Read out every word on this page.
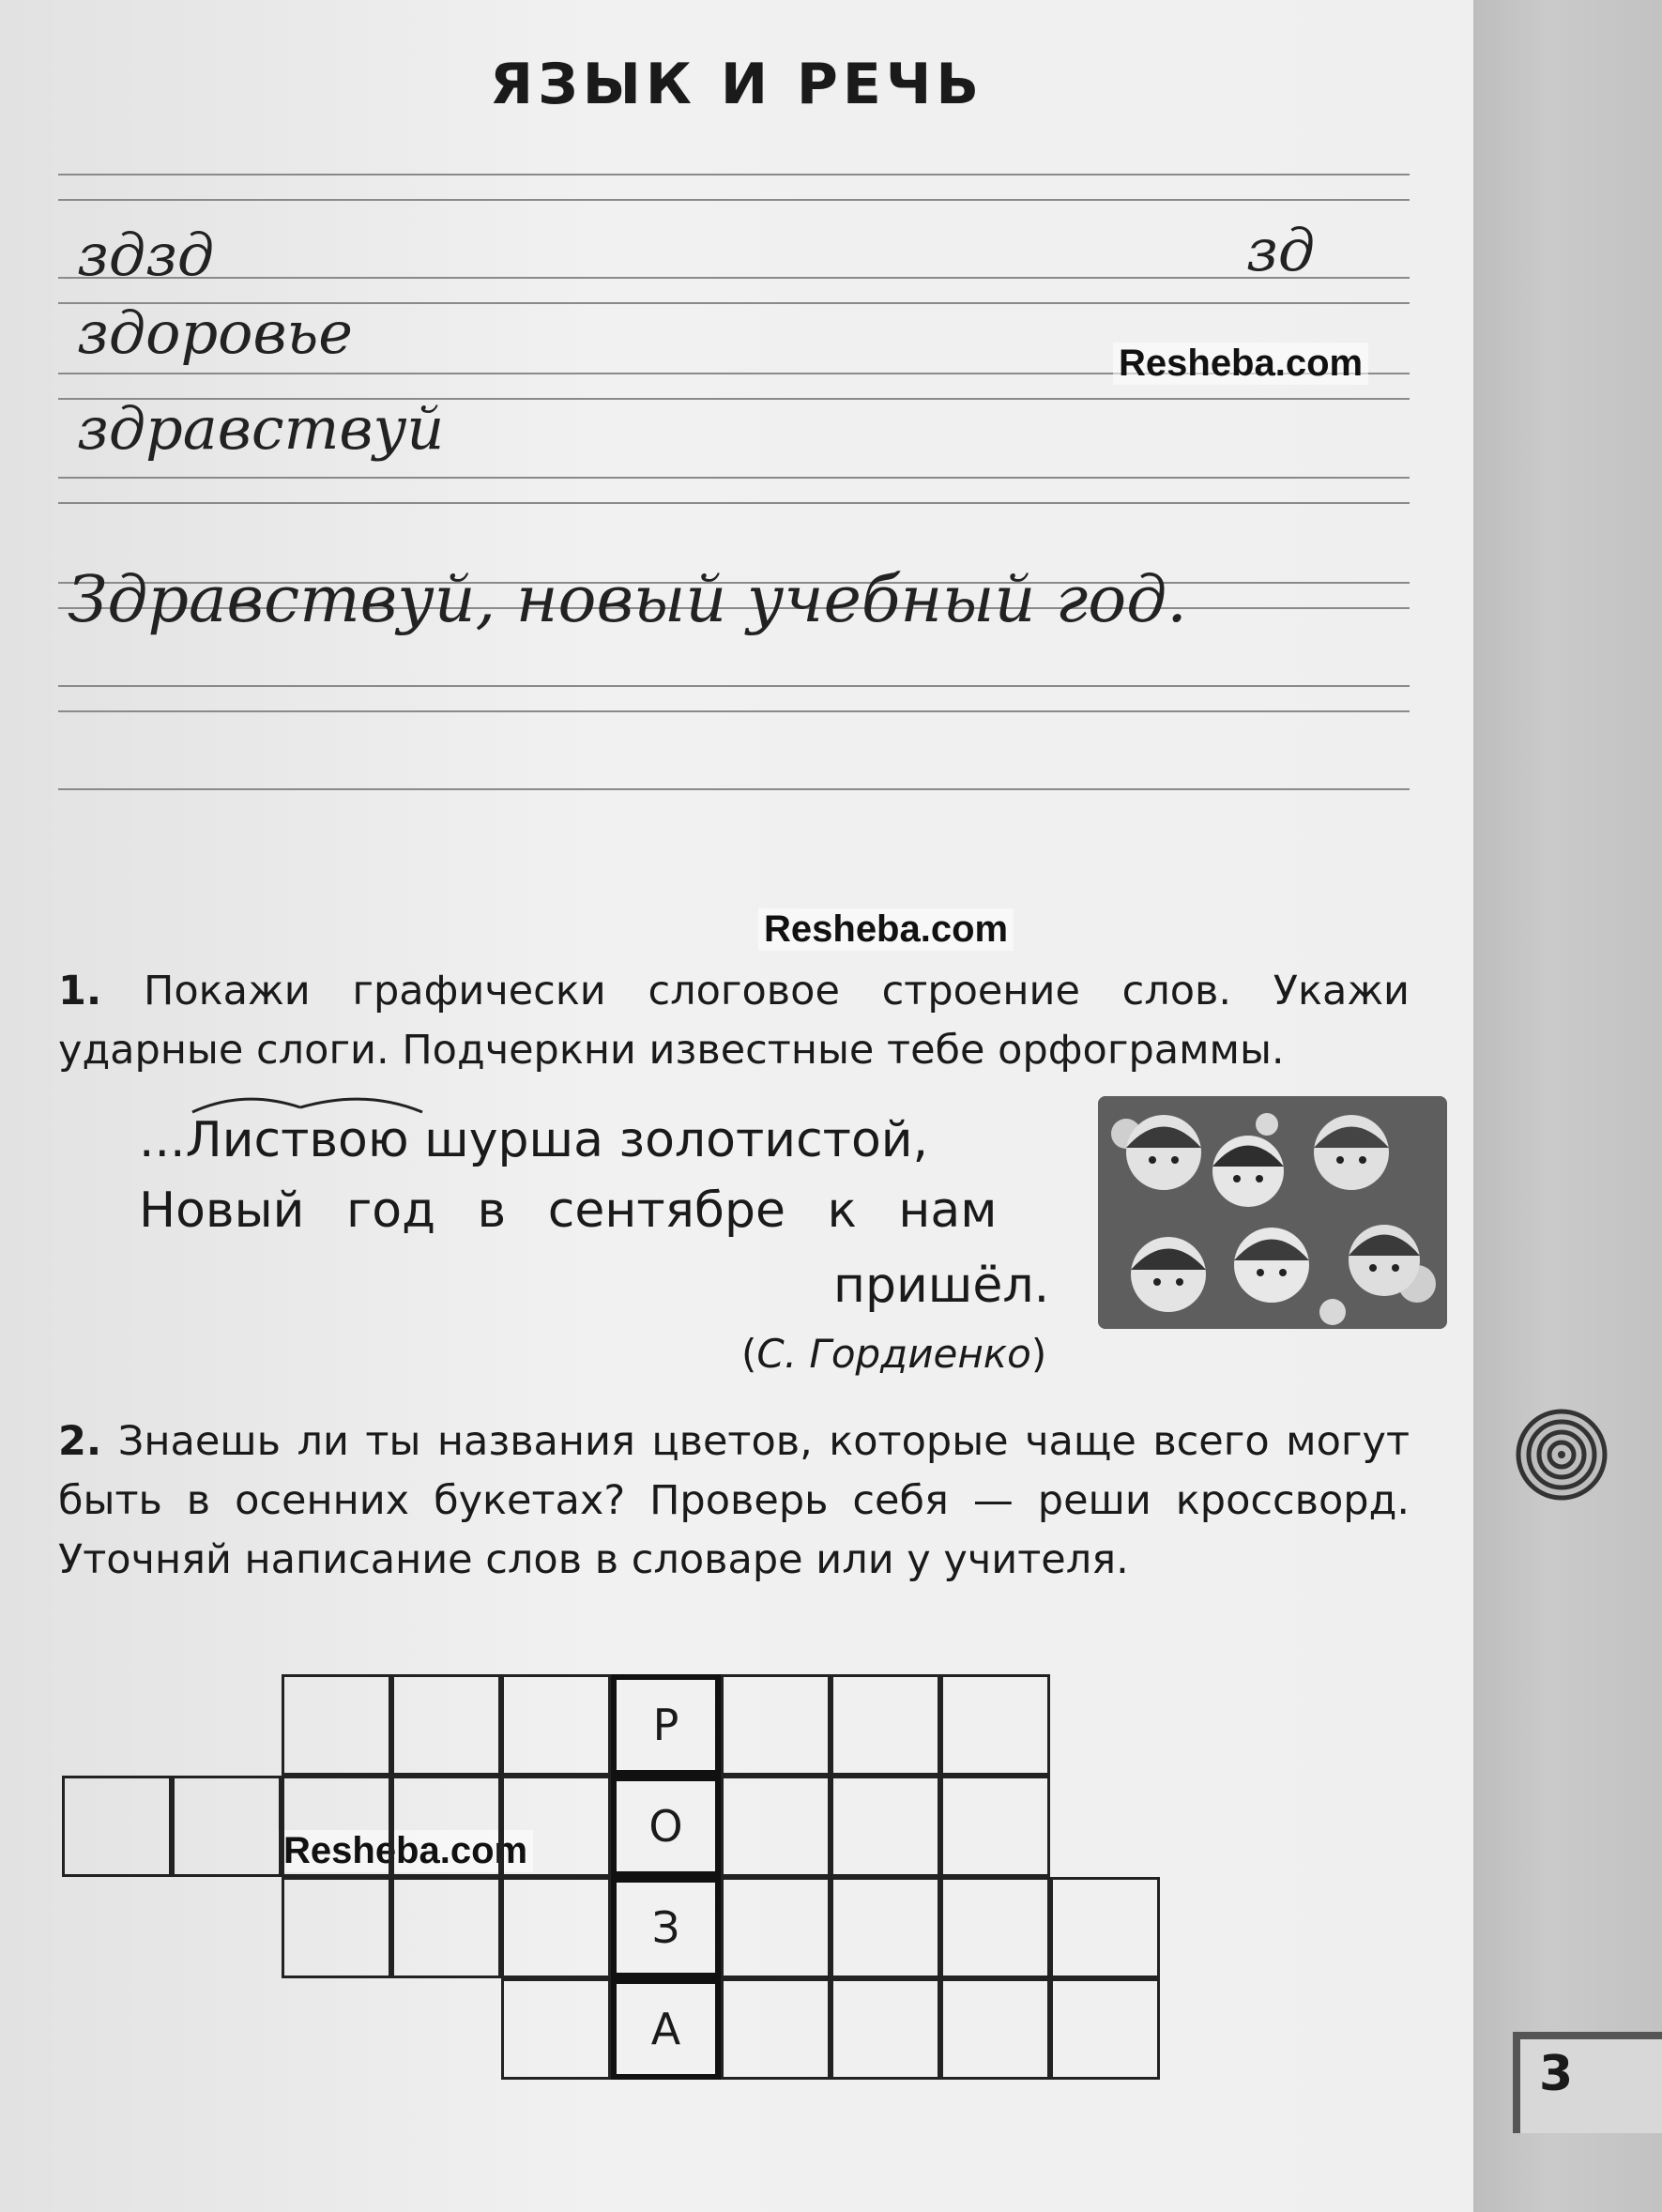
ЯЗЫК И РЕЧЬ
здзд	зд
здоровье
здравствуй
Здравствуй, новый учебный год.
Resheba.com
Resheba.com
Resheba.com
1. Покажи графически слоговое строение слов. Укажи ударные слоги. Подчеркни известные тебе орфограммы.
...Листвою шурша золотистой,
Новый год в сентябре к нам
пришёл.
(С. Гордиенко)
2. Знаешь ли ты названия цветов, которые чаще всего могут быть в осенних букетах? Проверь себя — реши кроссворд. Уточняй написание слов в словаре или у учителя.
Р
О
З
А
3
